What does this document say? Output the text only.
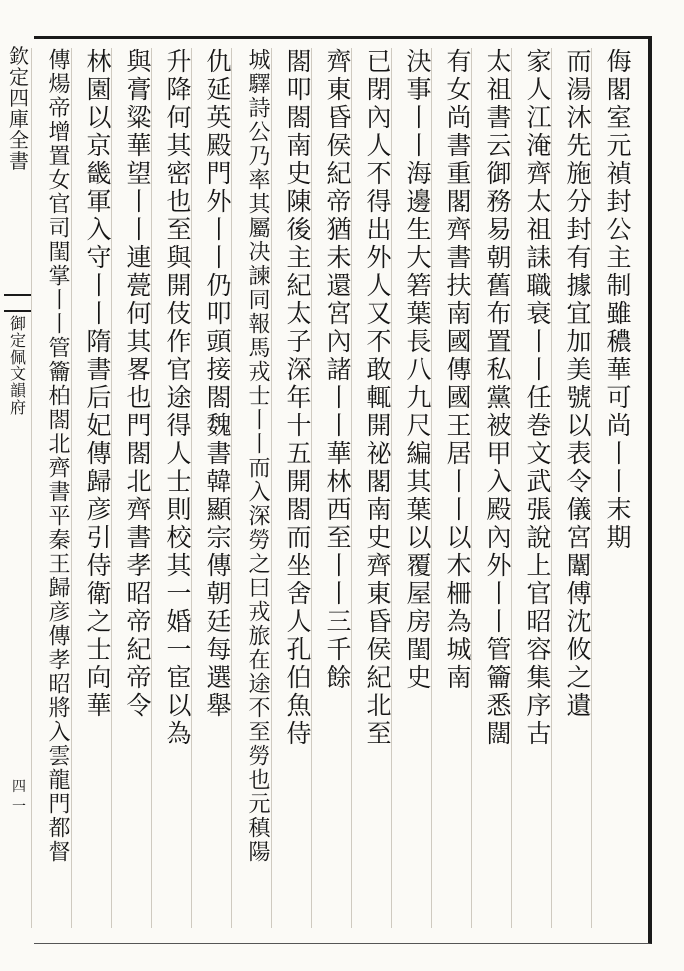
欽
定
四
庫
全
書
御
定
佩
文
韻
府
四一
侮閣室元禎封公主制雖穠華可尚丨丨末期
而湯沐先施分封有據宜加美號以表令儀宮闈傅沈攸之遺
家人江淹齊太祖誄職衰丨丨任巻文武張說上官昭容集序古
太祖書云御務易朝舊布置私黨被甲入殿內外丨丨管籥悉闊
有女尚書重閣齊書扶南國傳國王居丨丨以木柵為城南
決事丨丨海邊生大箬葉長八九尺編其葉以覆屋房閨史
已閉內人不得出外人又不敢輒開祕閣南史齊東昏侯紀北至
齊東昏侯紀帝猶未還宮內諸丨丨華林西至丨丨三千餘
閤叩閤南史陳後主紀太子深年十五開閤而坐舍人孔伯魚侍
城驛詩公乃率其屬决諫同報馬戎士丨丨而入深勞之曰戎旅在途不至勞也元稹陽
仇延英殿門外丨丨仍叩頭接閤魏書韓顯宗傳朝廷每選舉
升降何其密也至與開伎作官途得人士則校其一婚一宦以為
與膏粱華望丨丨連甍何其畧也門閤北齊書孝昭帝紀帝令
林園以京畿軍入守丨丨隋書后妃傳歸彦引侍衛之士向華
傳煬帝增置女官司閨掌丨丨管籥柏閤北齊書平秦王歸彦傳孝昭將入雲龍門都督
